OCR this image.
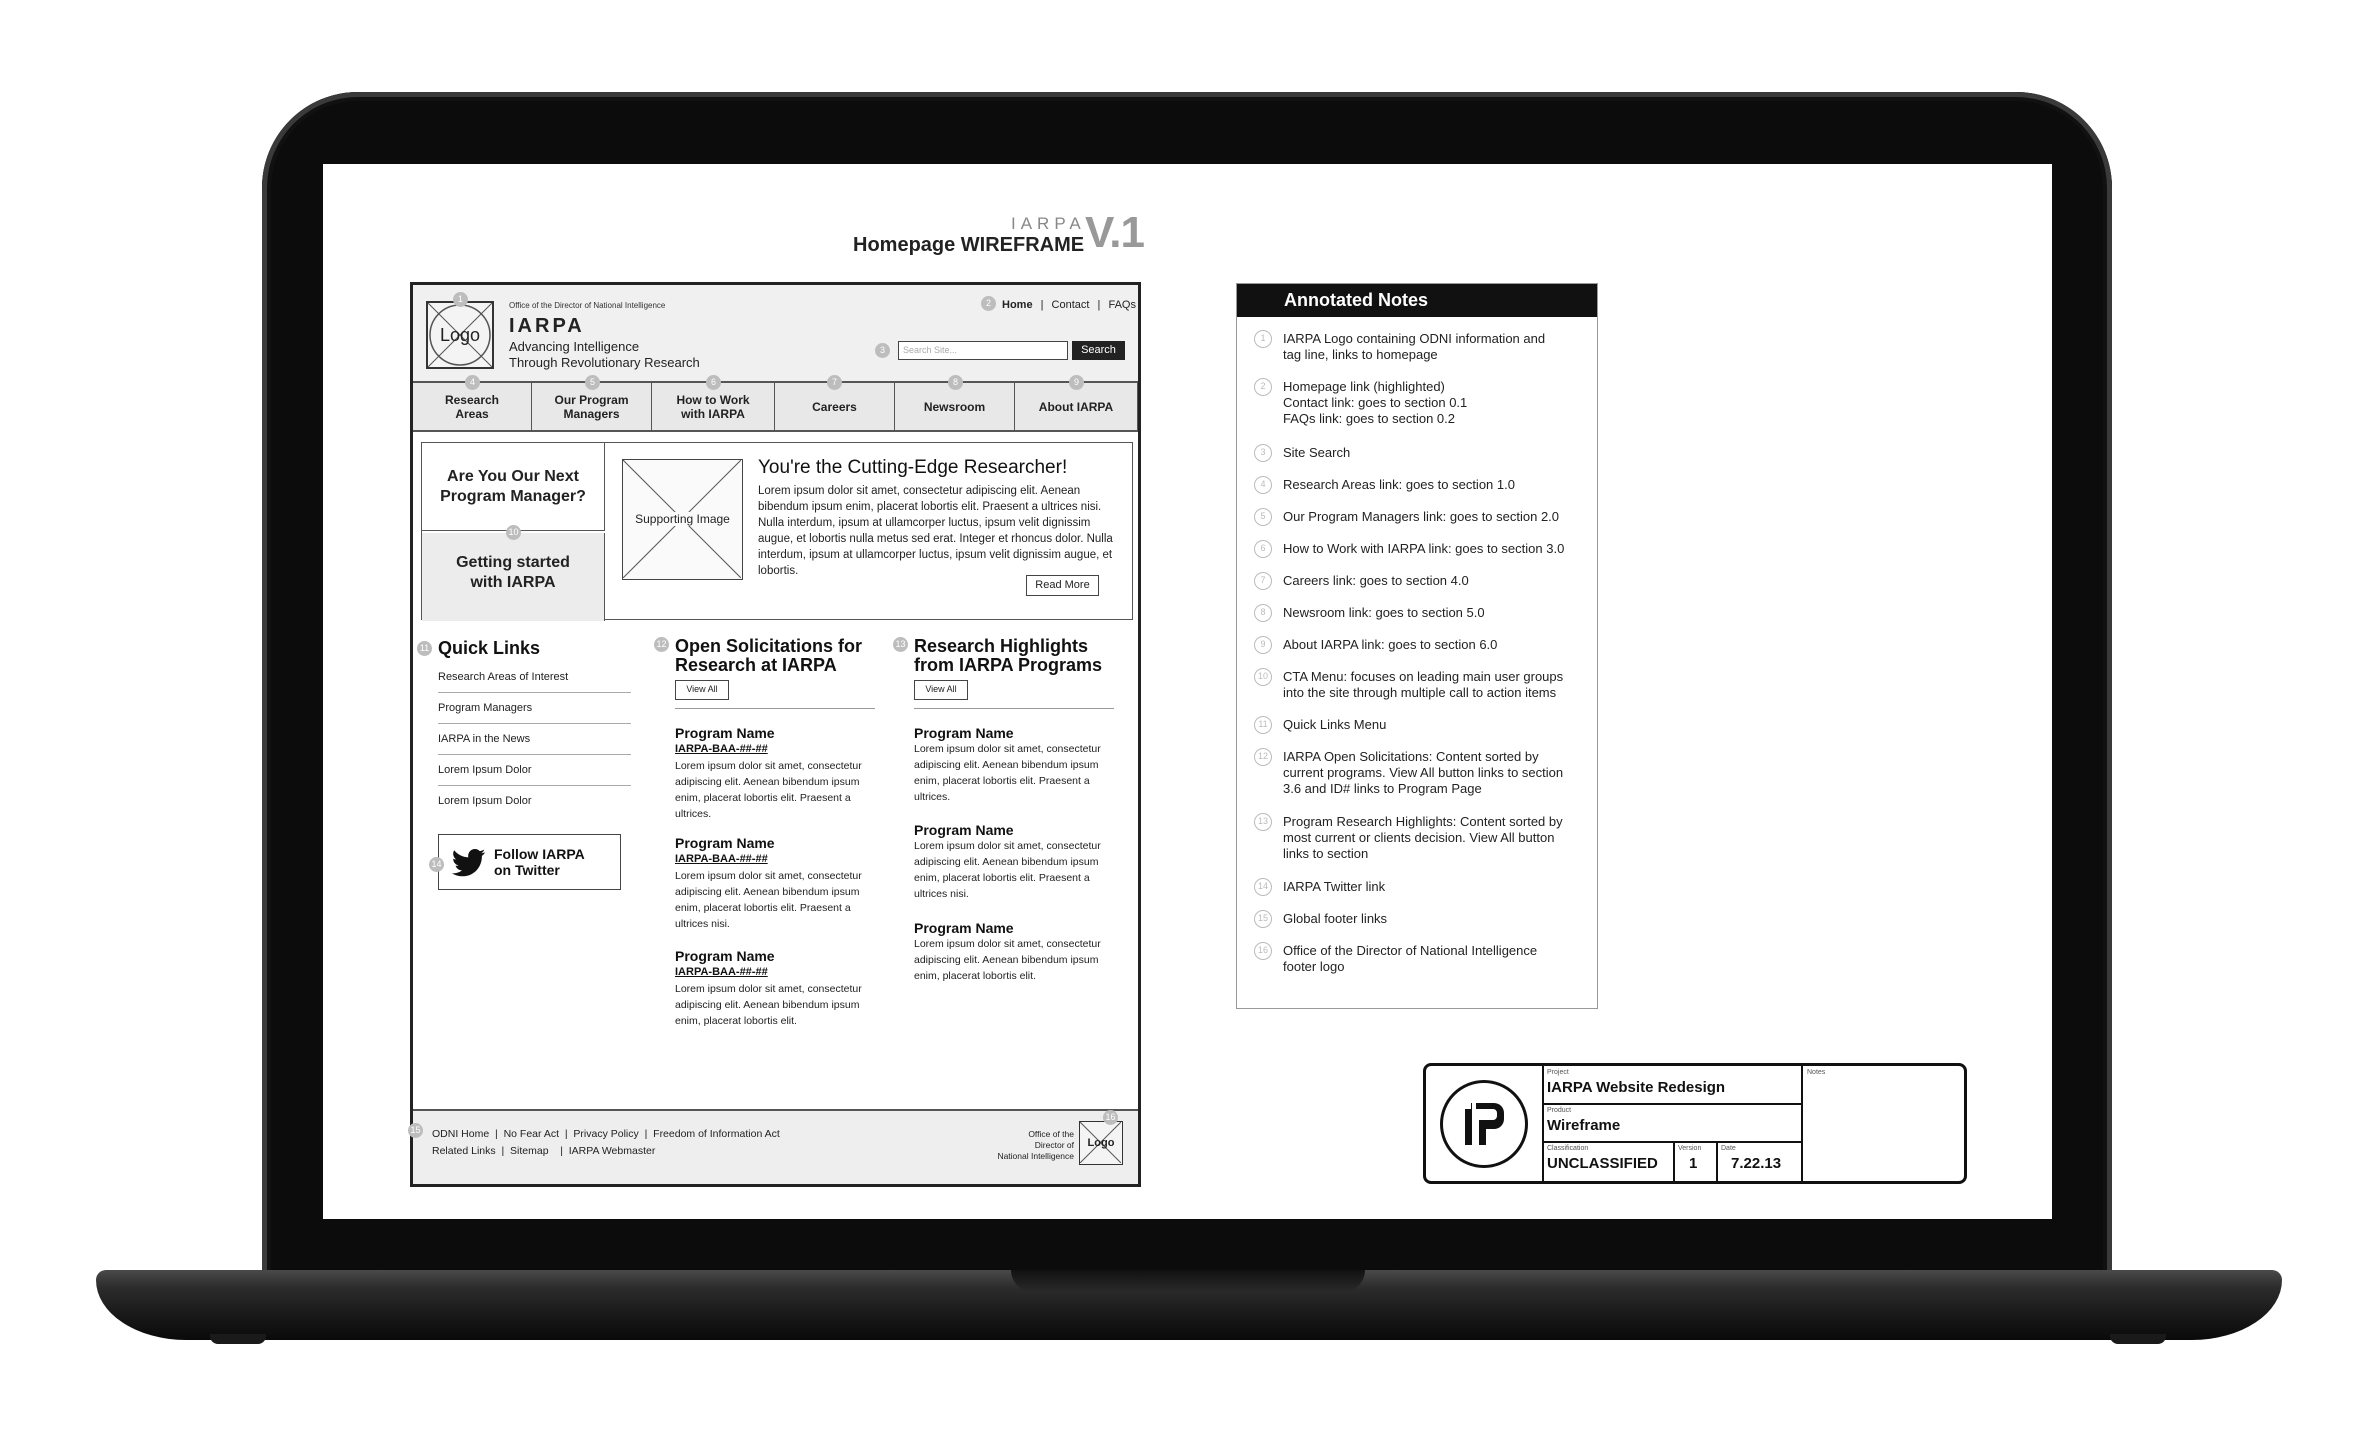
IARPA
Homepage WIREFRAME V.1
Logo
1
Office of the Director of National Intelligence
IARPA
Advancing Intelligence
Through Revolutionary Research
2	Home | Contact | FAQs
3	Search Site...	Search
Research
Areas
Our Program
Managers
How to Work
with IARPA	Careers	Newsroom	About IARPA
4	5	6	7	8	9
Are You Our Next
Program Manager?
Getting started
with IARPA
10
Supporting Image
You're the Cutting-Edge Researcher!
Lorem ipsum dolor sit amet, consectetur adipiscing elit. Aenean bibendum ipsum enim, placerat lobortis elit. Praesent a ultrices nisi. Nulla interdum, ipsum at ullamcorper luctus, ipsum velit dignissim augue, et lobortis nulla metus sed erat. Integer et rhoncus dolor. Nulla interdum, ipsum at ullamcorper luctus, ipsum velit dignissim augue, et lobortis.
Read More
11 Quick Links
Research Areas of Interest
Program Managers
IARPA in the News
Lorem Ipsum Dolor
Lorem Ipsum Dolor
Follow IARPA
on Twitter
14
12 Open Solicitations for
Research at IARPA
View All
Program Name
IARPA-BAA-##-##
Lorem ipsum dolor sit amet, consectetur adipiscing elit. Aenean bibendum ipsum enim, placerat lobortis elit. Praesent a ultrices.
Program Name
IARPA-BAA-##-##
Lorem ipsum dolor sit amet, consectetur adipiscing elit. Aenean bibendum ipsum enim, placerat lobortis elit. Praesent a ultrices nisi.
Program Name
IARPA-BAA-##-##
Lorem ipsum dolor sit amet, consectetur adipiscing elit. Aenean bibendum ipsum enim, placerat lobortis elit.
13 Research Highlights
from IARPA Programs
View All
Program Name
Lorem ipsum dolor sit amet, consectetur adipiscing elit. Aenean bibendum ipsum enim, placerat lobortis elit. Praesent a ultrices.
Program Name
Lorem ipsum dolor sit amet, consectetur adipiscing elit. Aenean bibendum ipsum enim, placerat lobortis elit. Praesent a ultrices nisi.
Program Name
Lorem ipsum dolor sit amet, consectetur adipiscing elit. Aenean bibendum ipsum enim, placerat lobortis elit.
ODNI Home  |  No Fear Act  |  Privacy Policy  |  Freedom of Information Act
Related Links  |  Sitemap    |  IARPA Webmaster
Office of the
Director of
National Intelligence
Logo
15
16
Annotated Notes
1	IARPA Logo containing ODNI information and
tag line, links to homepage
2	Homepage link (highlighted)
Contact link: goes to section 0.1
FAQs link: goes to section 0.2
3	Site Search
4	Research Areas link: goes to section 1.0
5	Our Program Managers link: goes to section 2.0
6	How to Work with IARPA link: goes to section 3.0
7	Careers link: goes to section 4.0
8	Newsroom link: goes to section 5.0
9	About IARPA link: goes to section 6.0
10	CTA Menu: focuses on leading main user groups
into the site through multiple call to action items
11	Quick Links Menu
12	IARPA Open Solicitations: Content sorted by
current programs. View All button links to section
3.6 and ID# links to Program Page
13	Program Research Highlights: Content sorted by
most current or clients decision. View All button
links to section
14	IARPA Twitter link
15	Global footer links
16	Office of the Director of National Intelligence
footer logo
Project
IARPA Website Redesign
Product
Wireframe
Classification
UNCLASSIFIED
Version
1
Date
7.22.13
Notes
